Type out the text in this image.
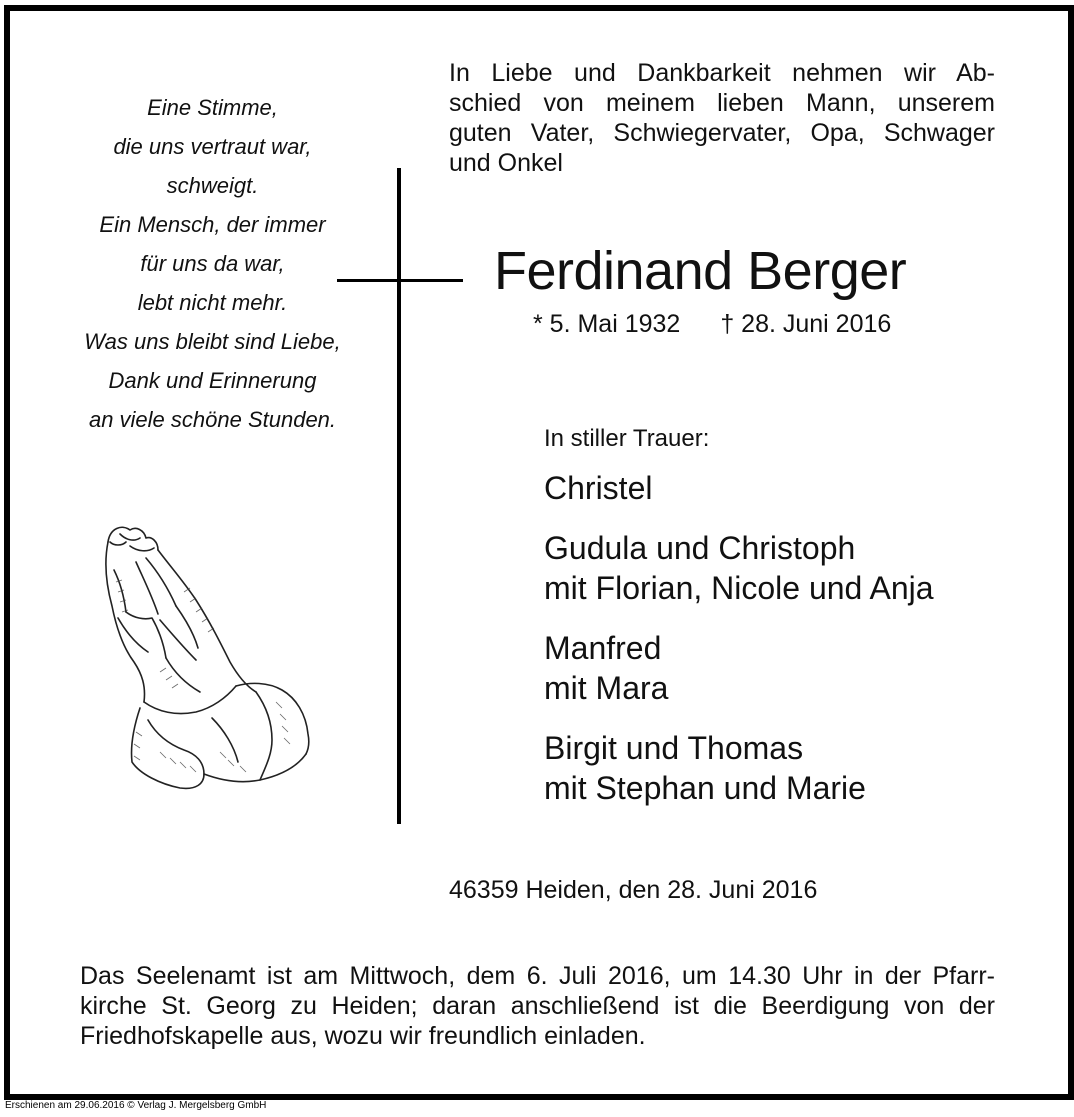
Eine Stimme,
die uns vertraut war,
schweigt.
Ein Mensch, der immer
für uns da war,
lebt nicht mehr.
Was uns bleibt sind Liebe,
Dank und Erinnerung
an viele schöne Stunden.
In Liebe und Dankbarkeit nehmen wir Ab-
schied von meinem lieben Mann, unserem
guten Vater, Schwiegervater, Opa, Schwager
und Onkel
Ferdinand Berger
* 5. Mai 1932 † 28. Juni 2016
In stiller Trauer:
Christel
Gudula und Christoph
mit Florian, Nicole und Anja
Manfred
mit Mara
Birgit und Thomas
mit Stephan und Marie
46359 Heiden, den 28. Juni 2016
Das Seelenamt ist am Mittwoch, dem 6. Juli 2016, um 14.30 Uhr in der Pfarr-
kirche St. Georg zu Heiden; daran anschließend ist die Beerdigung von der
Friedhofskapelle aus, wozu wir freundlich einladen.
Erschienen am 29.06.2016 © Verlag J. Mergelsberg GmbH
